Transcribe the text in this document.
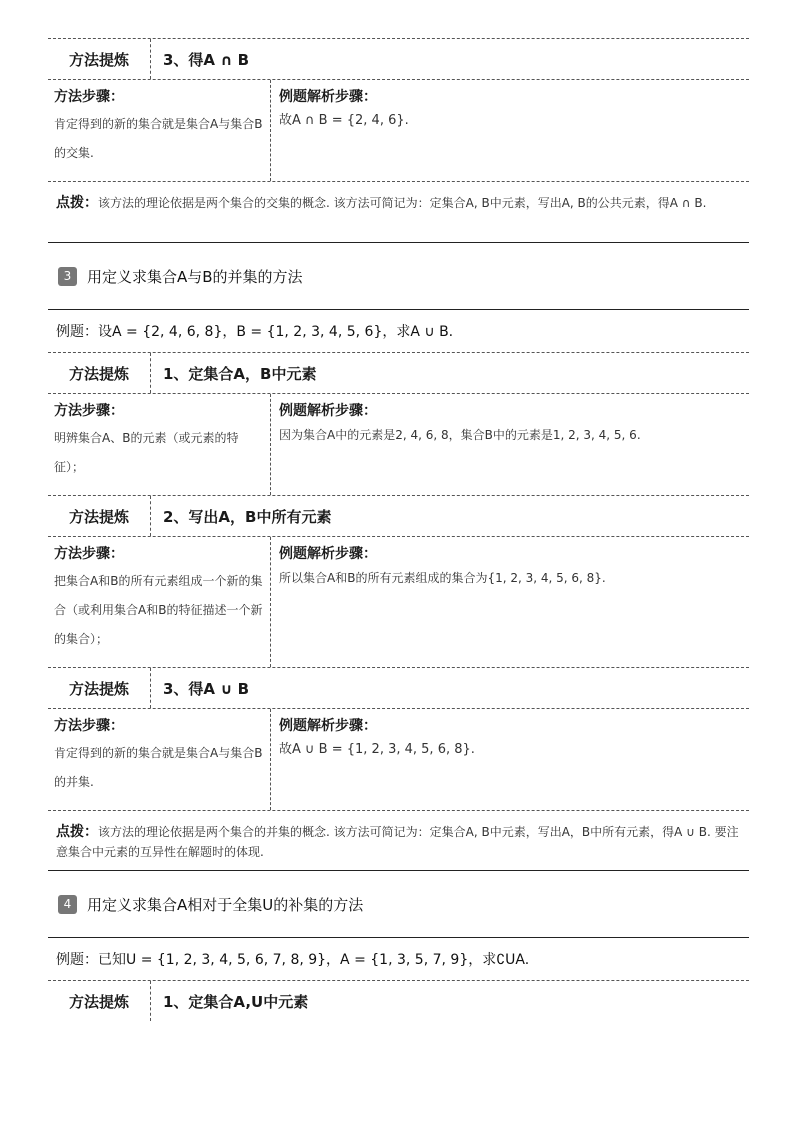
方法提炼	3、得A ∩ B
方法步骤：
肯定得到的新的集合就是集合A与集合B的交集.
例题解析步骤：
故A ∩ B = {2, 4, 6}.
点拨：该方法的理论依据是两个集合的交集的概念. 该方法可简记为：定集合A, B中元素，写出A, B的公共元素，得A ∩ B.
3	用定义求集合A与B的并集的方法
例题： 设A = {2, 4, 6, 8}，B = {1, 2, 3, 4, 5, 6}，求A ∪ B.
方法提炼	1、定集合A，B中元素
方法步骤：
明辨集合A、B的元素（或元素的特征）；
例题解析步骤：
因为集合A中的元素是2, 4, 6, 8，集合B中的元素是1, 2, 3, 4, 5, 6.
方法提炼	2、写出A，B中所有元素
方法步骤：
把集合A和B的所有元素组成一个新的集合（或利用集合A和B的特征描述一个新的集合）；
例题解析步骤：
所以集合A和B的所有元素组成的集合为{1, 2, 3, 4, 5, 6, 8}.
方法提炼	3、得A ∪ B
方法步骤：
肯定得到的新的集合就是集合A与集合B的并集.
例题解析步骤：
故A ∪ B = {1, 2, 3, 4, 5, 6, 8}.
点拨：该方法的理论依据是两个集合的并集的概念. 该方法可简记为：定集合A, B中元素，写出A，B中所有元素，得A ∪ B. 要注意集合中元素的互异性在解题时的体现.
4	用定义求集合A相对于全集U的补集的方法
例题： 已知U = {1, 2, 3, 4, 5, 6, 7, 8, 9}，A = {1, 3, 5, 7, 9}，求∁UA.
方法提炼	1、定集合A,U中元素
